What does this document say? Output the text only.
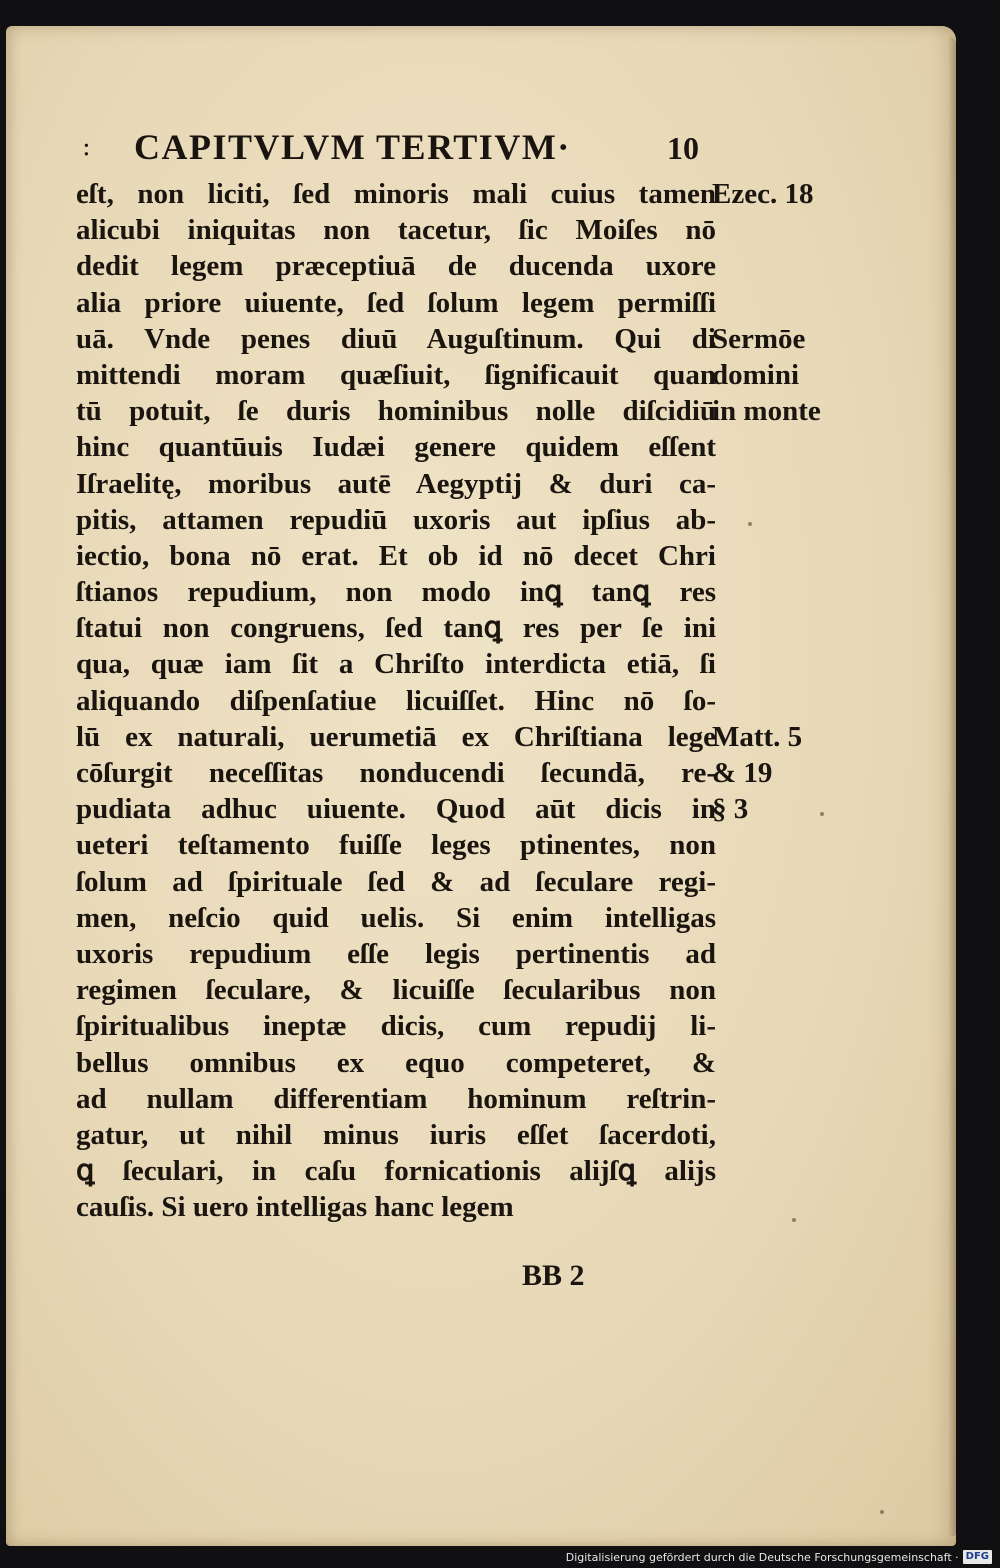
: CAPITVLVM TERTIVM·	10
eſt, non liciti, ſed minoris mali cuius tamen
alicubi iniquitas non tacetur, ſic Moiſes nō
dedit legem præceptiuā de ducenda uxore
alia priore uiuente, ſed ſolum legem permiſſi
uā. Vnde penes diuū Auguſtinum. Qui di
mittendi moram quæſiuit, ſignificauit quan
tū potuit, ſe duris hominibus nolle diſcidiū
hinc quantūuis Iudæi genere quidem eſſent
Iſraelitę, moribus autē Aegyptij & duri ca-
pitis, attamen repudiū uxoris aut ipſius ab-
iectio, bona nō erat. Et ob id nō decet Chri
ſtianos repudium, non modo inꝗ tanꝗ res
ſtatui non congruens, ſed tanꝗ res per ſe ini
qua, quæ iam ſit a Chriſto interdicta etiā, ſi
aliquando diſpenſatiue licuiſſet. Hinc nō ſo-
lū ex naturali, uerumetiā ex Chriſtiana lege
cōſurgit neceſſitas nonducendi ſecundā, re-
pudiata adhuc uiuente. Quod aūt dicis in
ueteri teſtamento fuiſſe leges ptinentes, non
ſolum ad ſpirituale ſed & ad ſeculare regi-
men, neſcio quid uelis. Si enim intelligas
uxoris repudium eſſe legis pertinentis ad
regimen ſeculare, & licuiſſe ſecularibus non
ſpiritualibus ineptæ dicis, cum repudij li-
bellus omnibus ex equo competeret, &
ad nullam differentiam hominum reſtrin-
gatur, ut nihil minus iuris eſſet ſacerdoti,
ꝗ ſeculari, in caſu fornicationis alijſꝗ alijs
cauſis. Si uero intelligas hanc legem
Ezec. 18
Sermōe
domini
in monte
Matt. 5
& 19
§ 3
BB 2
Digitalisierung gefördert durch die Deutsche Forschungsgemeinschaft · DFG
